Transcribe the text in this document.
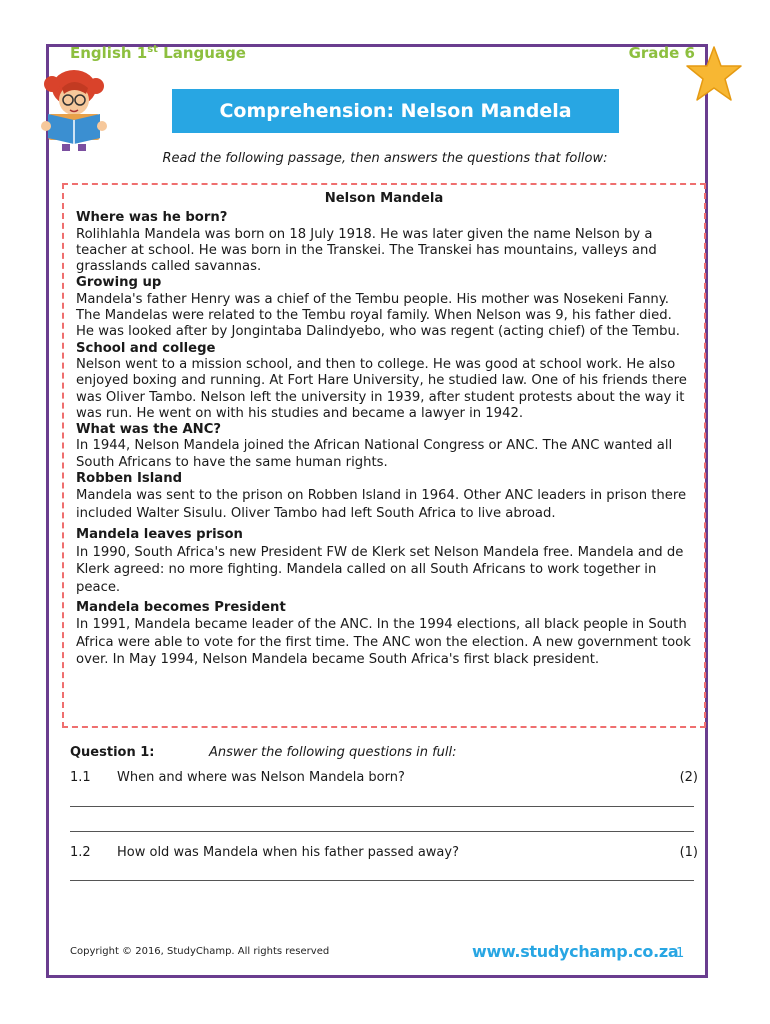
English 1st Language	Grade 6
Comprehension: Nelson Mandela
Read the following passage, then answers the questions that follow:
Nelson Mandela
Where was he born?

Rolihlahla Mandela was born on 18 July 1918. He was later given the name Nelson by a teacher at school. He was born in the Transkei. The Transkei has mountains, valleys and grasslands called savannas.

Growing up

Mandela's father Henry was a chief of the Tembu people. His mother was Nosekeni Fanny. The Mandelas were related to the Tembu royal family. When Nelson was 9, his father died. He was looked after by Jongintaba Dalindyebo, who was regent (acting chief) of the Tembu.

School and college

Nelson went to a mission school, and then to college. He was good at school work. He also enjoyed boxing and running. At Fort Hare University, he studied law. One of his friends there was Oliver Tambo. Nelson left the university in 1939, after student protests about the way it was run. He went on with his studies and became a lawyer in 1942.

What was the ANC?

In 1944, Nelson Mandela joined the African National Congress or ANC. The ANC wanted all South Africans to have the same human rights.

Robben Island

Mandela was sent to the prison on Robben Island in 1964. Other ANC leaders in prison there included Walter Sisulu. Oliver Tambo had left South Africa to live abroad.

Mandela leaves prison

In 1990, South Africa's new President FW de Klerk set Nelson Mandela free. Mandela and de Klerk agreed: no more fighting. Mandela called on all South Africans to work together in peace.

Mandela becomes President

In 1991, Mandela became leader of the ANC. In the 1994 elections, all black people in South Africa were able to vote for the first time. The ANC won the election. A new government took over. In May 1994, Nelson Mandela became South Africa's first black president.

Question 1:	Answer the following questions in full:
1.1 When and where was Nelson Mandela born?	(2)
1.2 How old was Mandela when his father passed away?	(1)
Copyright © 2016, StudyChamp. All rights reserved	www.studychamp.co.za
1
